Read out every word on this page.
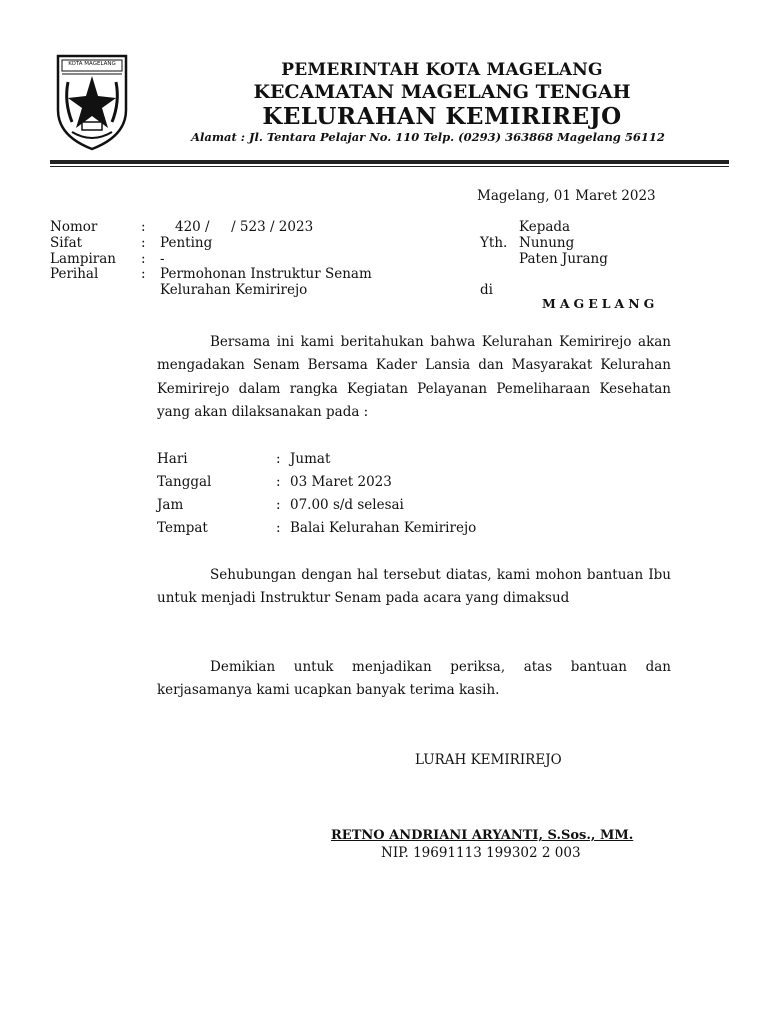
KOTA MAGELANG	PEMERINTAH KOTA MAGELANG
KECAMATAN MAGELANG TENGAH
KELURAHAN KEMIRIREJO
Alamat : Jl. Tentara Pelajar No. 110 Telp. (0293) 363868 Magelang 56112
Magelang, 01 Maret 2023
Nomor	: 420 /     / 523 / 2023
Sifat	: Penting
Lampiran : -
Perihal	: Permohonan Instruktur Senam
Kelurahan Kemirirejo
Kepada
Yth. Nunung
Paten Jurang
di
MAGELANG
Bersama ini kami beritahukan bahwa Kelurahan Kemirirejo akan mengadakan Senam Bersama Kader Lansia dan Masyarakat Kelurahan Kemirirejo dalam rangka Kegiatan Pelayanan Pemeliharaan Kesehatan yang akan dilaksanakan pada :
Hari	: Jumat
Tanggal	: 03 Maret 2023
Jam	: 07.00 s/d selesai
Tempat	: Balai Kelurahan Kemirirejo
Sehubungan dengan hal tersebut diatas, kami mohon bantuan Ibu untuk menjadi Instruktur Senam pada acara yang dimaksud
Demikian untuk menjadikan periksa, atas bantuan dan kerjasamanya kami ucapkan banyak terima kasih.
LURAH KEMIRIREJO
RETNO ANDRIANI ARYANTI, S.Sos., MM.
NIP. 19691113 199302 2 003
